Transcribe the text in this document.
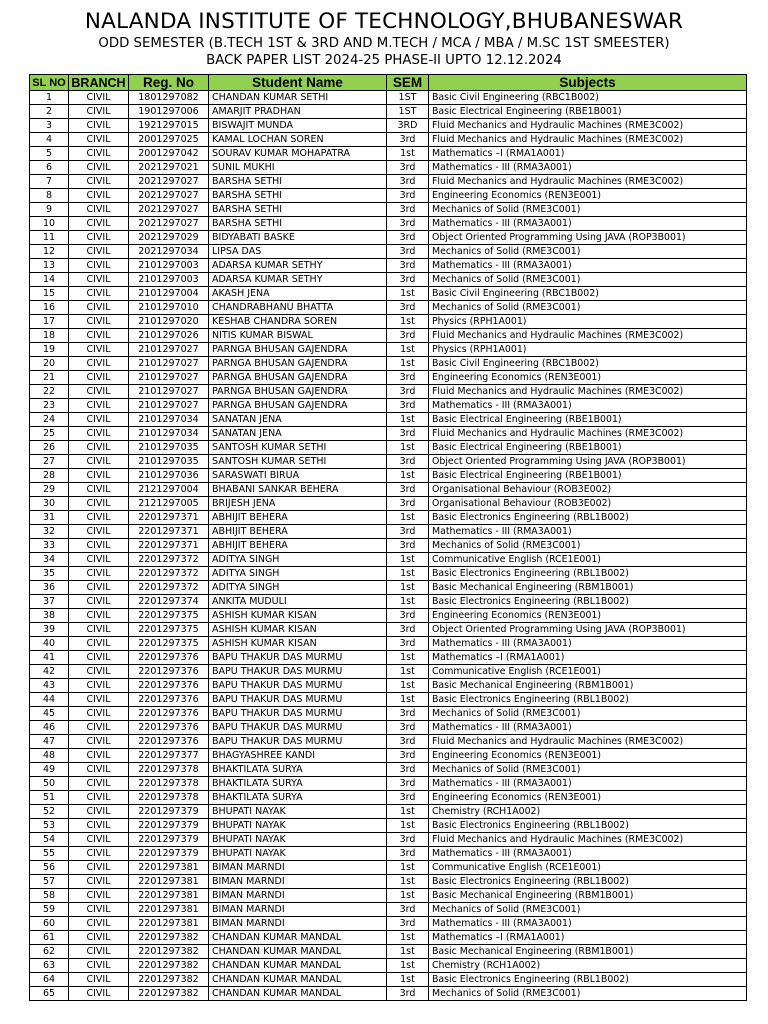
NALANDA INSTITUTE OF TECHNOLOGY,BHUBANESWAR
ODD SEMESTER (B.TECH 1ST & 3RD AND M.TECH / MCA / MBA / M.SC 1ST SMEESTER)
BACK PAPER LIST 2024-25 PHASE-II UPTO 12.12.2024
SL NO	BRANCH	Reg. No	Student Name	SEM	Subjects
1	CIVIL	1801297082	CHANDAN KUMAR SETHI	1ST	Basic Civil Engineering (RBC1B002)
2	CIVIL	1901297006	AMARJIT PRADHAN	1ST	Basic Electrical Engineering (RBE1B001)
3	CIVIL	1921297015	BISWAJIT MUNDA	3RD	Fluid Mechanics and Hydraulic Machines (RME3C002)
4	CIVIL	2001297025	KAMAL LOCHAN SOREN	3rd	Fluid Mechanics and Hydraulic Machines (RME3C002)
5	CIVIL	2001297042	SOURAV KUMAR MOHAPATRA	1st	Mathematics –I (RMA1A001)
6	CIVIL	2021297021	SUNIL MUKHI	3rd	Mathematics - III (RMA3A001)
7	CIVIL	2021297027	BARSHA SETHI	3rd	Fluid Mechanics and Hydraulic Machines (RME3C002)
8	CIVIL	2021297027	BARSHA SETHI	3rd	Engineering Economics (REN3E001)
9	CIVIL	2021297027	BARSHA SETHI	3rd	Mechanics of Solid (RME3C001)
10	CIVIL	2021297027	BARSHA SETHI	3rd	Mathematics - III (RMA3A001)
11	CIVIL	2021297029	BIDYABATI BASKE	3rd	Object Oriented Programming Using JAVA (ROP3B001)
12	CIVIL	2021297034	LIPSA DAS	3rd	Mechanics of Solid (RME3C001)
13	CIVIL	2101297003	ADARSA KUMAR SETHY	3rd	Mathematics - III (RMA3A001)
14	CIVIL	2101297003	ADARSA KUMAR SETHY	3rd	Mechanics of Solid (RME3C001)
15	CIVIL	2101297004	AKASH JENA	1st	Basic Civil Engineering (RBC1B002)
16	CIVIL	2101297010	CHANDRABHANU BHATTA	3rd	Mechanics of Solid (RME3C001)
17	CIVIL	2101297020	KESHAB CHANDRA SOREN	1st	Physics (RPH1A001)
18	CIVIL	2101297026	NITIS KUMAR BISWAL	3rd	Fluid Mechanics and Hydraulic Machines (RME3C002)
19	CIVIL	2101297027	PARNGA BHUSAN GAJENDRA	1st	Physics (RPH1A001)
20	CIVIL	2101297027	PARNGA BHUSAN GAJENDRA	1st	Basic Civil Engineering (RBC1B002)
21	CIVIL	2101297027	PARNGA BHUSAN GAJENDRA	3rd	Engineering Economics (REN3E001)
22	CIVIL	2101297027	PARNGA BHUSAN GAJENDRA	3rd	Fluid Mechanics and Hydraulic Machines (RME3C002)
23	CIVIL	2101297027	PARNGA BHUSAN GAJENDRA	3rd	Mathematics - III (RMA3A001)
24	CIVIL	2101297034	SANATAN JENA	1st	Basic Electrical Engineering (RBE1B001)
25	CIVIL	2101297034	SANATAN JENA	3rd	Fluid Mechanics and Hydraulic Machines (RME3C002)
26	CIVIL	2101297035	SANTOSH KUMAR SETHI	1st	Basic Electrical Engineering (RBE1B001)
27	CIVIL	2101297035	SANTOSH KUMAR SETHI	3rd	Object Oriented Programming Using JAVA (ROP3B001)
28	CIVIL	2101297036	SARASWATI BIRUA	1st	Basic Electrical Engineering (RBE1B001)
29	CIVIL	2121297004	BHABANI SANKAR BEHERA	3rd	Organisational Behaviour (ROB3E002)
30	CIVIL	2121297005	BRIJESH JENA	3rd	Organisational Behaviour (ROB3E002)
31	CIVIL	2201297371	ABHIJIT BEHERA	1st	Basic Electronics Engineering (RBL1B002)
32	CIVIL	2201297371	ABHIJIT BEHERA	3rd	Mathematics - III (RMA3A001)
33	CIVIL	2201297371	ABHIJIT BEHERA	3rd	Mechanics of Solid (RME3C001)
34	CIVIL	2201297372	ADITYA SINGH	1st	Communicative English (RCE1E001)
35	CIVIL	2201297372	ADITYA SINGH	1st	Basic Electronics Engineering (RBL1B002)
36	CIVIL	2201297372	ADITYA SINGH	1st	Basic Mechanical Engineering (RBM1B001)
37	CIVIL	2201297374	ANKITA MUDULI	1st	Basic Electronics Engineering (RBL1B002)
38	CIVIL	2201297375	ASHISH KUMAR KISAN	3rd	Engineering Economics (REN3E001)
39	CIVIL	2201297375	ASHISH KUMAR KISAN	3rd	Object Oriented Programming Using JAVA (ROP3B001)
40	CIVIL	2201297375	ASHISH KUMAR KISAN	3rd	Mathematics - III (RMA3A001)
41	CIVIL	2201297376	BAPU THAKUR DAS MURMU	1st	Mathematics –I (RMA1A001)
42	CIVIL	2201297376	BAPU THAKUR DAS MURMU	1st	Communicative English (RCE1E001)
43	CIVIL	2201297376	BAPU THAKUR DAS MURMU	1st	Basic Mechanical Engineering (RBM1B001)
44	CIVIL	2201297376	BAPU THAKUR DAS MURMU	1st	Basic Electronics Engineering (RBL1B002)
45	CIVIL	2201297376	BAPU THAKUR DAS MURMU	3rd	Mechanics of Solid (RME3C001)
46	CIVIL	2201297376	BAPU THAKUR DAS MURMU	3rd	Mathematics - III (RMA3A001)
47	CIVIL	2201297376	BAPU THAKUR DAS MURMU	3rd	Fluid Mechanics and Hydraulic Machines (RME3C002)
48	CIVIL	2201297377	BHAGYASHREE KANDI	3rd	Engineering Economics (REN3E001)
49	CIVIL	2201297378	BHAKTILATA SURYA	3rd	Mechanics of Solid (RME3C001)
50	CIVIL	2201297378	BHAKTILATA SURYA	3rd	Mathematics - III (RMA3A001)
51	CIVIL	2201297378	BHAKTILATA SURYA	3rd	Engineering Economics (REN3E001)
52	CIVIL	2201297379	BHUPATI NAYAK	1st	Chemistry (RCH1A002)
53	CIVIL	2201297379	BHUPATI NAYAK	1st	Basic Electronics Engineering (RBL1B002)
54	CIVIL	2201297379	BHUPATI NAYAK	3rd	Fluid Mechanics and Hydraulic Machines (RME3C002)
55	CIVIL	2201297379	BHUPATI NAYAK	3rd	Mathematics - III (RMA3A001)
56	CIVIL	2201297381	BIMAN MARNDI	1st	Communicative English (RCE1E001)
57	CIVIL	2201297381	BIMAN MARNDI	1st	Basic Electronics Engineering (RBL1B002)
58	CIVIL	2201297381	BIMAN MARNDI	1st	Basic Mechanical Engineering (RBM1B001)
59	CIVIL	2201297381	BIMAN MARNDI	3rd	Mechanics of Solid (RME3C001)
60	CIVIL	2201297381	BIMAN MARNDI	3rd	Mathematics - III (RMA3A001)
61	CIVIL	2201297382	CHANDAN KUMAR MANDAL	1st	Mathematics –I (RMA1A001)
62	CIVIL	2201297382	CHANDAN KUMAR MANDAL	1st	Basic Mechanical Engineering (RBM1B001)
63	CIVIL	2201297382	CHANDAN KUMAR MANDAL	1st	Chemistry (RCH1A002)
64	CIVIL	2201297382	CHANDAN KUMAR MANDAL	1st	Basic Electronics Engineering (RBL1B002)
65	CIVIL	2201297382	CHANDAN KUMAR MANDAL	3rd	Mechanics of Solid (RME3C001)
